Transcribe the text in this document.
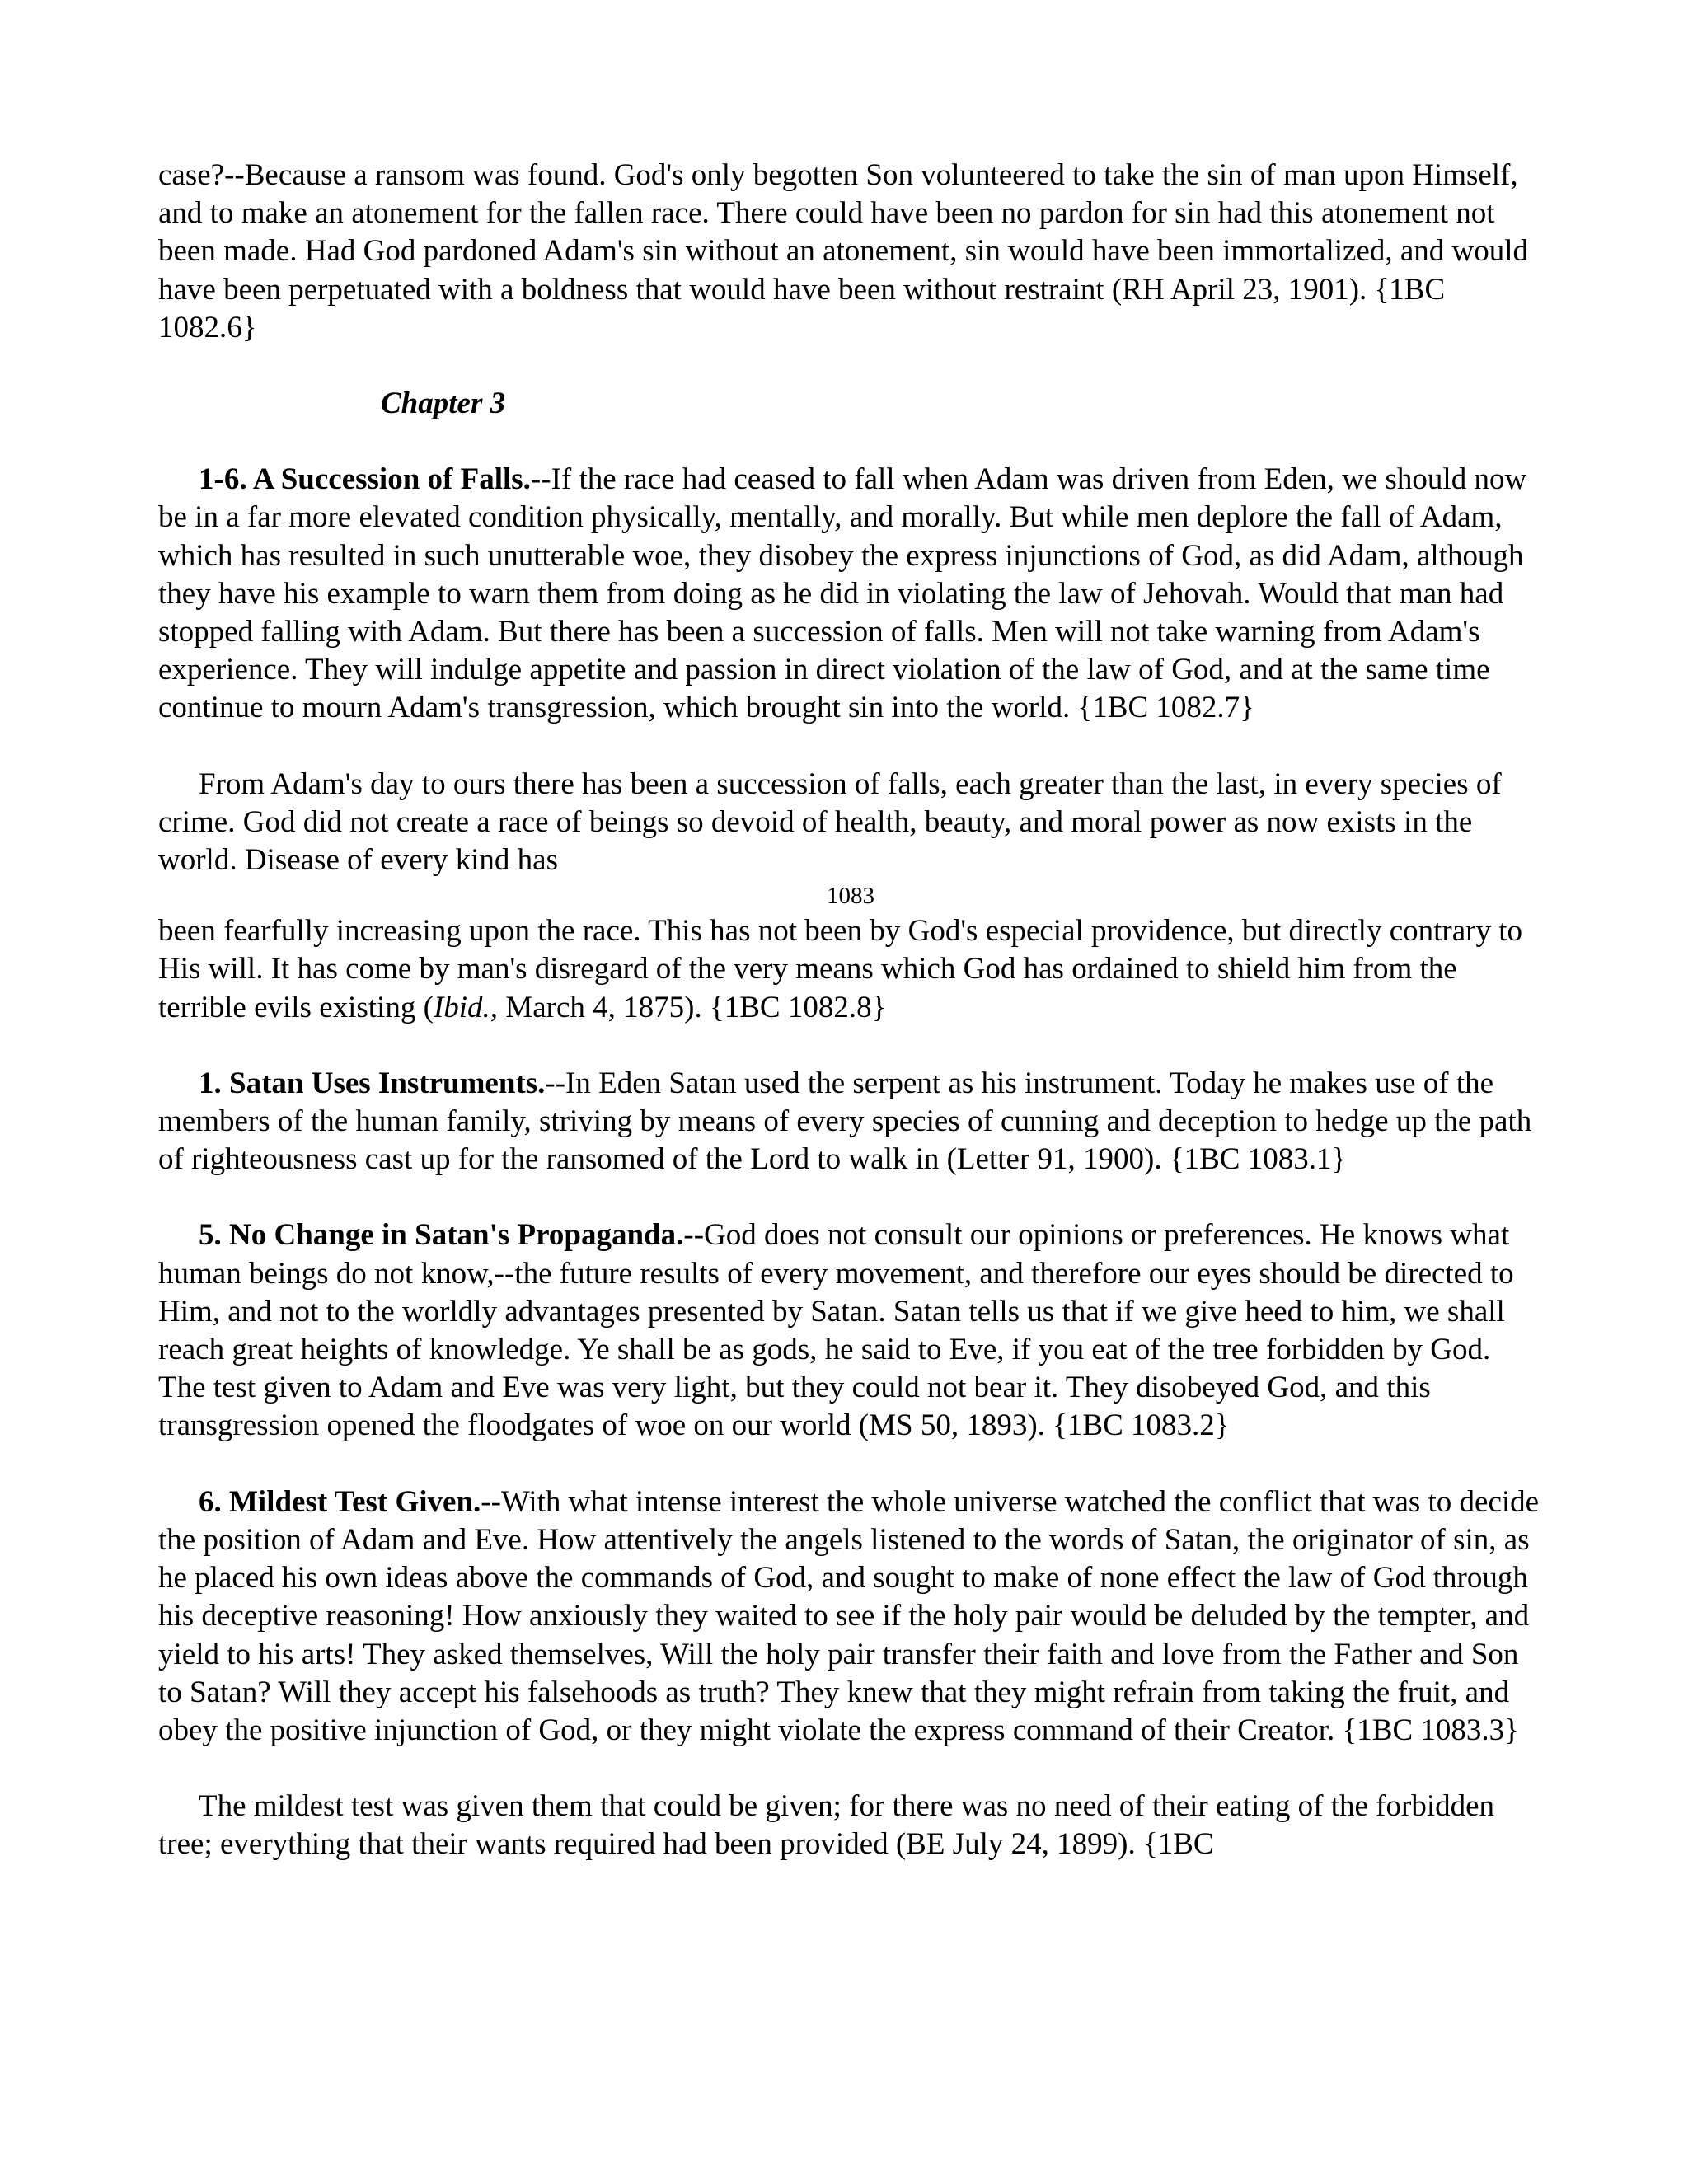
case?--Because a ransom was found. God's only begotten Son volunteered to take the sin of man upon Himself, and to make an atonement for the fallen race. There could have been no pardon for sin had this atonement not been made. Had God pardoned Adam's sin without an atonement, sin would have been immortalized, and would have been perpetuated with a boldness that would have been without restraint (RH April 23, 1901). {1BC 1082.6}

Chapter 3

1-6. A Succession of Falls.--If the race had ceased to fall when Adam was driven from Eden, we should now be in a far more elevated condition physically, mentally, and morally. But while men deplore the fall of Adam, which has resulted in such unutterable woe, they disobey the express injunctions of God, as did Adam, although they have his example to warn them from doing as he did in violating the law of Jehovah. Would that man had stopped falling with Adam. But there has been a succession of falls. Men will not take warning from Adam's experience. They will indulge appetite and passion in direct violation of the law of God, and at the same time continue to mourn Adam's transgression, which brought sin into the world. {1BC 1082.7}

From Adam's day to ours there has been a succession of falls, each greater than the last, in every species of crime. God did not create a race of beings so devoid of health, beauty, and moral power as now exists in the world. Disease of every kind has

1083

been fearfully increasing upon the race. This has not been by God's especial providence, but directly contrary to His will. It has come by man's disregard of the very means which God has ordained to shield him from the terrible evils existing (Ibid., March 4, 1875). {1BC 1082.8}

1. Satan Uses Instruments.--In Eden Satan used the serpent as his instrument. Today he makes use of the members of the human family, striving by means of every species of cunning and deception to hedge up the path of righteousness cast up for the ransomed of the Lord to walk in (Letter 91, 1900). {1BC 1083.1}

5. No Change in Satan's Propaganda.--God does not consult our opinions or preferences. He knows what human beings do not know,--the future results of every movement, and therefore our eyes should be directed to Him, and not to the worldly advantages presented by Satan. Satan tells us that if we give heed to him, we shall reach great heights of knowledge. Ye shall be as gods, he said to Eve, if you eat of the tree forbidden by God. The test given to Adam and Eve was very light, but they could not bear it. They disobeyed God, and this transgression opened the floodgates of woe on our world (MS 50, 1893). {1BC 1083.2}

6. Mildest Test Given.--With what intense interest the whole universe watched the conflict that was to decide the position of Adam and Eve. How attentively the angels listened to the words of Satan, the originator of sin, as he placed his own ideas above the commands of God, and sought to make of none effect the law of God through his deceptive reasoning! How anxiously they waited to see if the holy pair would be deluded by the tempter, and yield to his arts! They asked themselves, Will the holy pair transfer their faith and love from the Father and Son to Satan? Will they accept his falsehoods as truth? They knew that they might refrain from taking the fruit, and obey the positive injunction of God, or they might violate the express command of their Creator. {1BC 1083.3}

The mildest test was given them that could be given; for there was no need of their eating of the forbidden tree; everything that their wants required had been provided (BE July 24, 1899). {1BC
